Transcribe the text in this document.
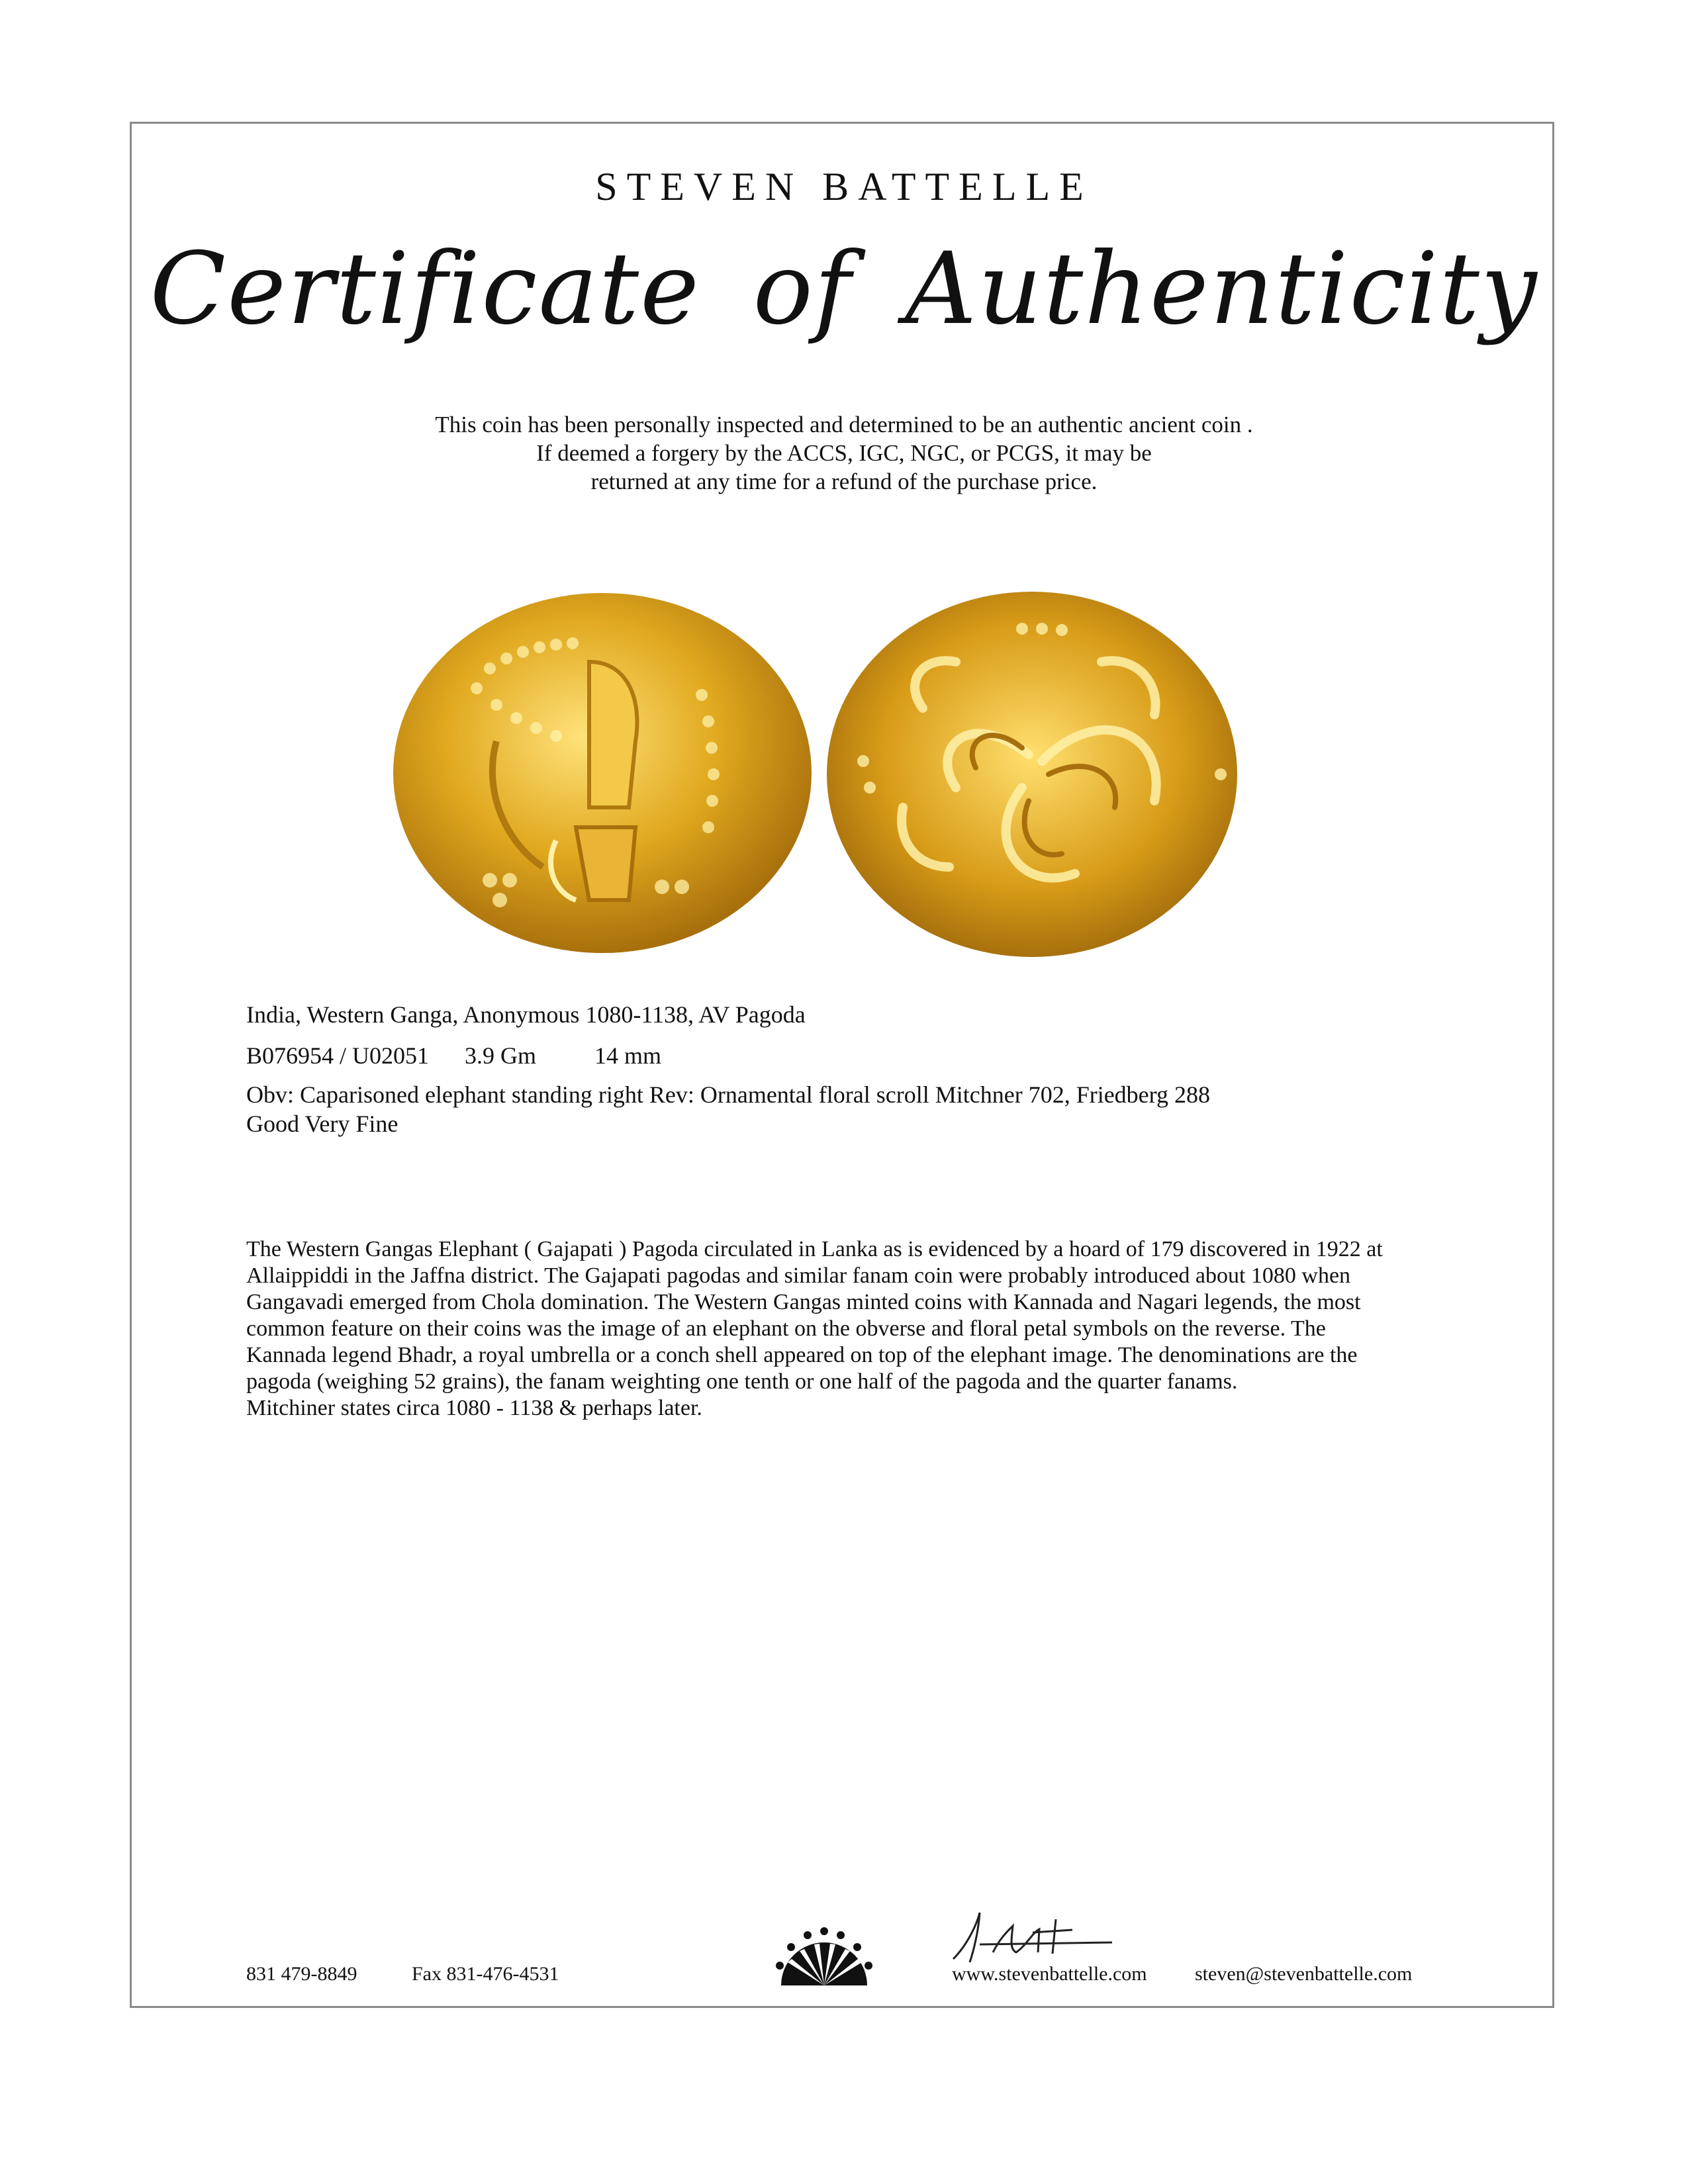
STEVEN BATTELLE
Certificate of Authenticity
This coin has been personally inspected and determined to be an authentic ancient coin .
If deemed a forgery by the ACCS, IGC, NGC, or PCGS, it may be
returned at any time for a refund of the purchase price.
India, Western Ganga, Anonymous 1080-1138, AV Pagoda
B076954 / U02051 3.9 Gm 14 mm
Obv: Caparisoned elephant standing right Rev: Ornamental floral scroll Mitchner 702, Friedberg 288
Good Very Fine

The Western Gangas Elephant ( Gajapati ) Pagoda circulated in Lanka as is evidenced by a hoard of 179 discovered in 1922 at Allaippiddi in the Jaffna district. The Gajapati pagodas and similar fanam coin were probably introduced about 1080 when Gangavadi emerged from Chola domination. The Western Gangas minted coins with Kannada and Nagari legends, the most common feature on their coins was the image of an elephant on the obverse and floral petal symbols on the reverse. The Kannada legend Bhadr, a royal umbrella or a conch shell appeared on top of the elephant image. The denominations are the pagoda (weighing 52 grains), the fanam weighting one tenth or one half of the pagoda and the quarter fanams.

Mitchiner states circa 1080 - 1138 & perhaps later.

831 479-8849	Fax 831-476-4531	www.stevenbattelle.com steven@stevenbattelle.com
